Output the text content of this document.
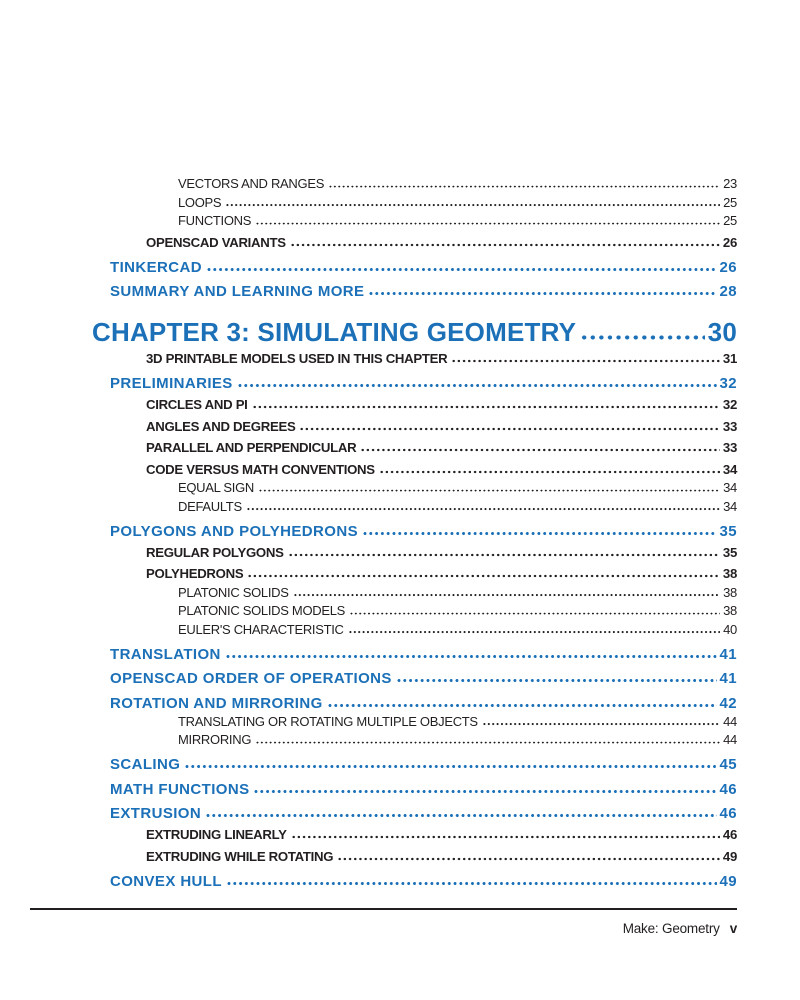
VECTORS AND RANGES	23
LOOPS	25
FUNCTIONS	25
OPENSCAD VARIANTS	26
TINKERCAD	26
SUMMARY AND LEARNING MORE	28
CHAPTER 3: SIMULATING GEOMETRY	30
3D PRINTABLE MODELS USED IN THIS CHAPTER	31
PRELIMINARIES	32
CIRCLES AND PI	32
ANGLES AND DEGREES	33
PARALLEL AND PERPENDICULAR	33
CODE VERSUS MATH CONVENTIONS	34
EQUAL SIGN	34
DEFAULTS	34
POLYGONS AND POLYHEDRONS	35
REGULAR POLYGONS	35
POLYHEDRONS	38
PLATONIC SOLIDS	38
PLATONIC SOLIDS MODELS	38
EULER'S CHARACTERISTIC	40
TRANSLATION	41
OPENSCAD ORDER OF OPERATIONS	41
ROTATION AND MIRRORING	42
TRANSLATING OR ROTATING MULTIPLE OBJECTS	44
MIRRORING	44
SCALING	45
MATH FUNCTIONS	46
EXTRUSION	46
EXTRUDING LINEARLY	46
EXTRUDING WHILE ROTATING	49
CONVEX HULL	49
Make: Geometry v
